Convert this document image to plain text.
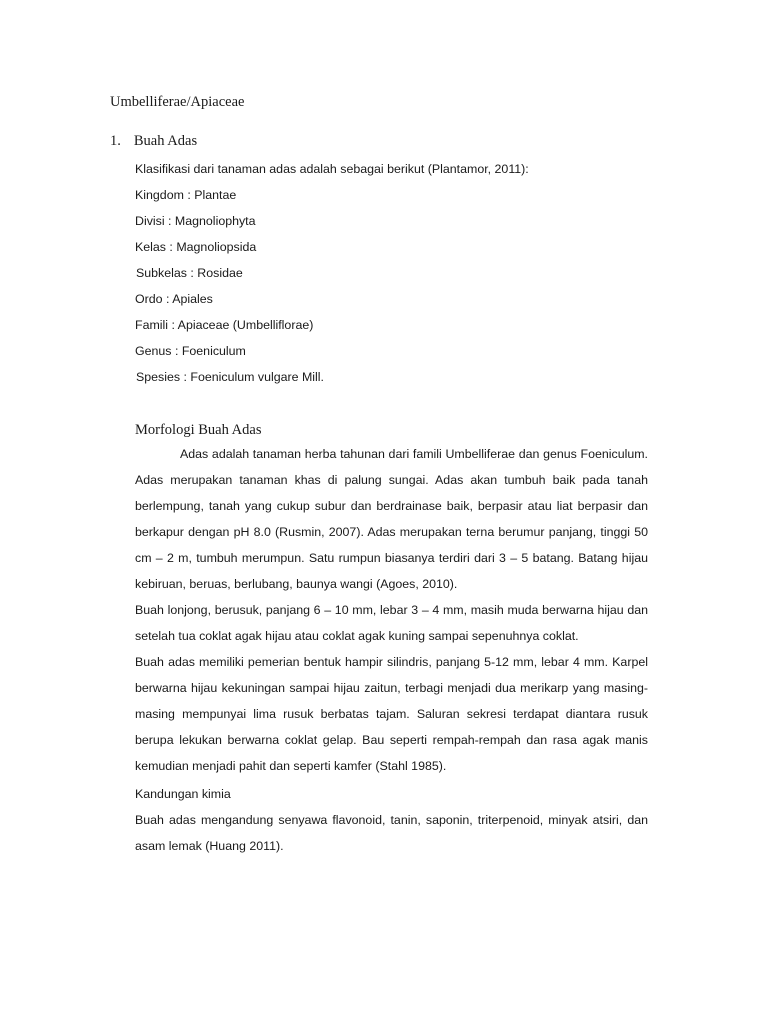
Umbelliferae/Apiaceae
1. Buah Adas

Klasifikasi dari tanaman adas adalah sebagai berikut (Plantamor, 2011):

Kingdom : Plantae

Divisi : Magnoliophyta

Kelas : Magnoliopsida

Subkelas : Rosidae

Ordo : Apiales

Famili : Apiaceae (Umbelliflorae)

Genus : Foeniculum

Spesies : Foeniculum vulgare Mill.

Morfologi Buah Adas

Adas adalah tanaman herba tahunan dari famili Umbelliferae dan genus Foeniculum. Adas merupakan tanaman khas di palung sungai. Adas akan tumbuh baik pada tanah berlempung, tanah yang cukup subur dan berdrainase baik, berpasir atau liat berpasir dan berkapur dengan pH 8.0 (Rusmin, 2007). Adas merupakan terna berumur panjang, tinggi 50 cm – 2 m, tumbuh merumpun. Satu rumpun biasanya terdiri dari 3 – 5 batang. Batang hijau kebiruan, beruas, berlubang, baunya wangi (Agoes, 2010).

Buah lonjong, berusuk, panjang 6 – 10 mm, lebar 3 – 4 mm, masih muda berwarna hijau dan setelah tua coklat agak hijau atau coklat agak kuning sampai sepenuhnya coklat.

Buah adas memiliki pemerian bentuk hampir silindris, panjang 5-12 mm, lebar 4 mm. Karpel berwarna hijau kekuningan sampai hijau zaitun, terbagi menjadi dua merikarp yang masing-masing mempunyai lima rusuk berbatas tajam. Saluran sekresi terdapat diantara rusuk berupa lekukan berwarna coklat gelap. Bau seperti rempah-rempah dan rasa agak manis kemudian menjadi pahit dan seperti kamfer (Stahl 1985).

Kandungan kimia

Buah adas mengandung senyawa flavonoid, tanin, saponin, triterpenoid, minyak atsiri, dan asam lemak (Huang 2011).
